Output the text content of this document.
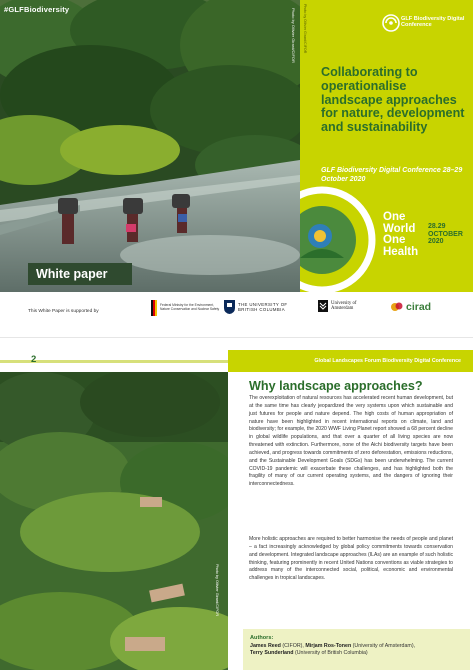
#GLFBiodiversity	Photo by Ollivier Girard/CIFOR
White paper
Photo by Ollivier Girard/CIFOR	GLF Biodiversity Digital Conference
Collaborating to operationalise landscape approaches for nature, development and sustainability
GLF Biodiversity Digital Conference 28–29 October 2020
One
World
One
Health
28.29
OCTOBER
2020
This White Paper is supported by
Federal Ministry for the Environment, Nature Conservation and Nuclear Safety
THE UNIVERSITY OF BRITISH COLUMBIA
University of Amsterdam	cirad
Global Landscapes Forum Biodiversity Digital Conference
2
Photo by Ollivier Girard/CIFOR
Why landscape approaches?

The overexploitation of natural resources has accelerated recent human development, but at the same time has clearly jeopardized the very systems upon which sustainable and just futures for people and nature depend. The high costs of human appropriation of nature have been highlighted in recent international reports on climate, land and biodiversity; for example, the 2020 WWF Living Planet report showed a 68 percent decline in global wildlife populations, and that over a quarter of all living species are now threatened with extinction. Furthermore, none of the Aichi biodiversity targets have been achieved, and progress towards commitments of zero deforestation, emissions reductions, and the Sustainable Development Goals (SDGs) has been underwhelming. The current COVID-19 pandemic will exacerbate these challenges, and has highlighted both the fragility of many of our current operating systems, and the dangers of ignoring their interconnectedness.

More holistic approaches are required to better harmonise the needs of people and planet – a fact increasingly acknowledged by global policy commitments towards conservation and development. Integrated landscape approaches (ILAs) are an example of such holistic thinking, featuring prominently in recent United Nations conventions as viable strategies to address many of the interconnected social, political, economic and environmental challenges in tropical landscapes.

Authors:
James Reed (CIFOR), Mirjam Ros-Tonen (University of Amsterdam),
Terry Sunderland (University of British Columbia)
